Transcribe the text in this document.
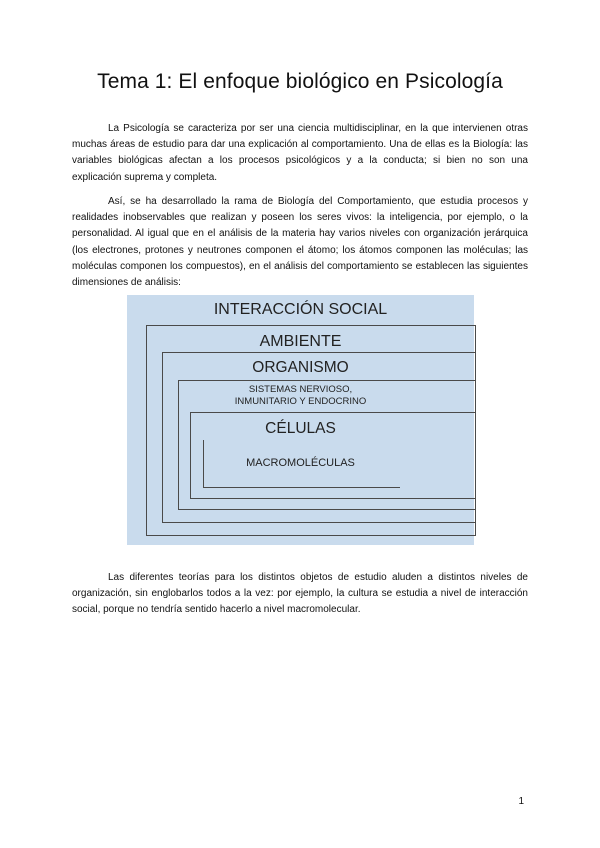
Tema 1: El enfoque biológico en Psicología

La Psicología se caracteriza por ser una ciencia multidisciplinar, en la que intervienen otras muchas áreas de estudio para dar una explicación al comportamiento. Una de ellas es la Biología: las variables biológicas afectan a los procesos psicológicos y a la conducta; si bien no son una explicación suprema y completa.

Así, se ha desarrollado la rama de Biología del Comportamiento, que estudia procesos y realidades inobservables que realizan y poseen los seres vivos: la inteligencia, por ejemplo, o la personalidad. Al igual que en el análisis de la materia hay varios niveles con organización jerárquica (los electrones, protones y neutrones componen el átomo; los átomos componen las moléculas; las moléculas componen los compuestos), en el análisis del comportamiento se establecen las siguientes dimensiones de análisis:

INTERACCIÓN SOCIAL
AMBIENTE
ORGANISMO
SISTEMAS NERVIOSO,
INMUNITARIO Y ENDOCRINO
CÉLULAS
MACROMOLÉCULAS

Las diferentes teorías para los distintos objetos de estudio aluden a distintos niveles de organización, sin englobarlos todos a la vez: por ejemplo, la cultura se estudia a nivel de interacción social, porque no tendría sentido hacerlo a nivel macromolecular.

1
